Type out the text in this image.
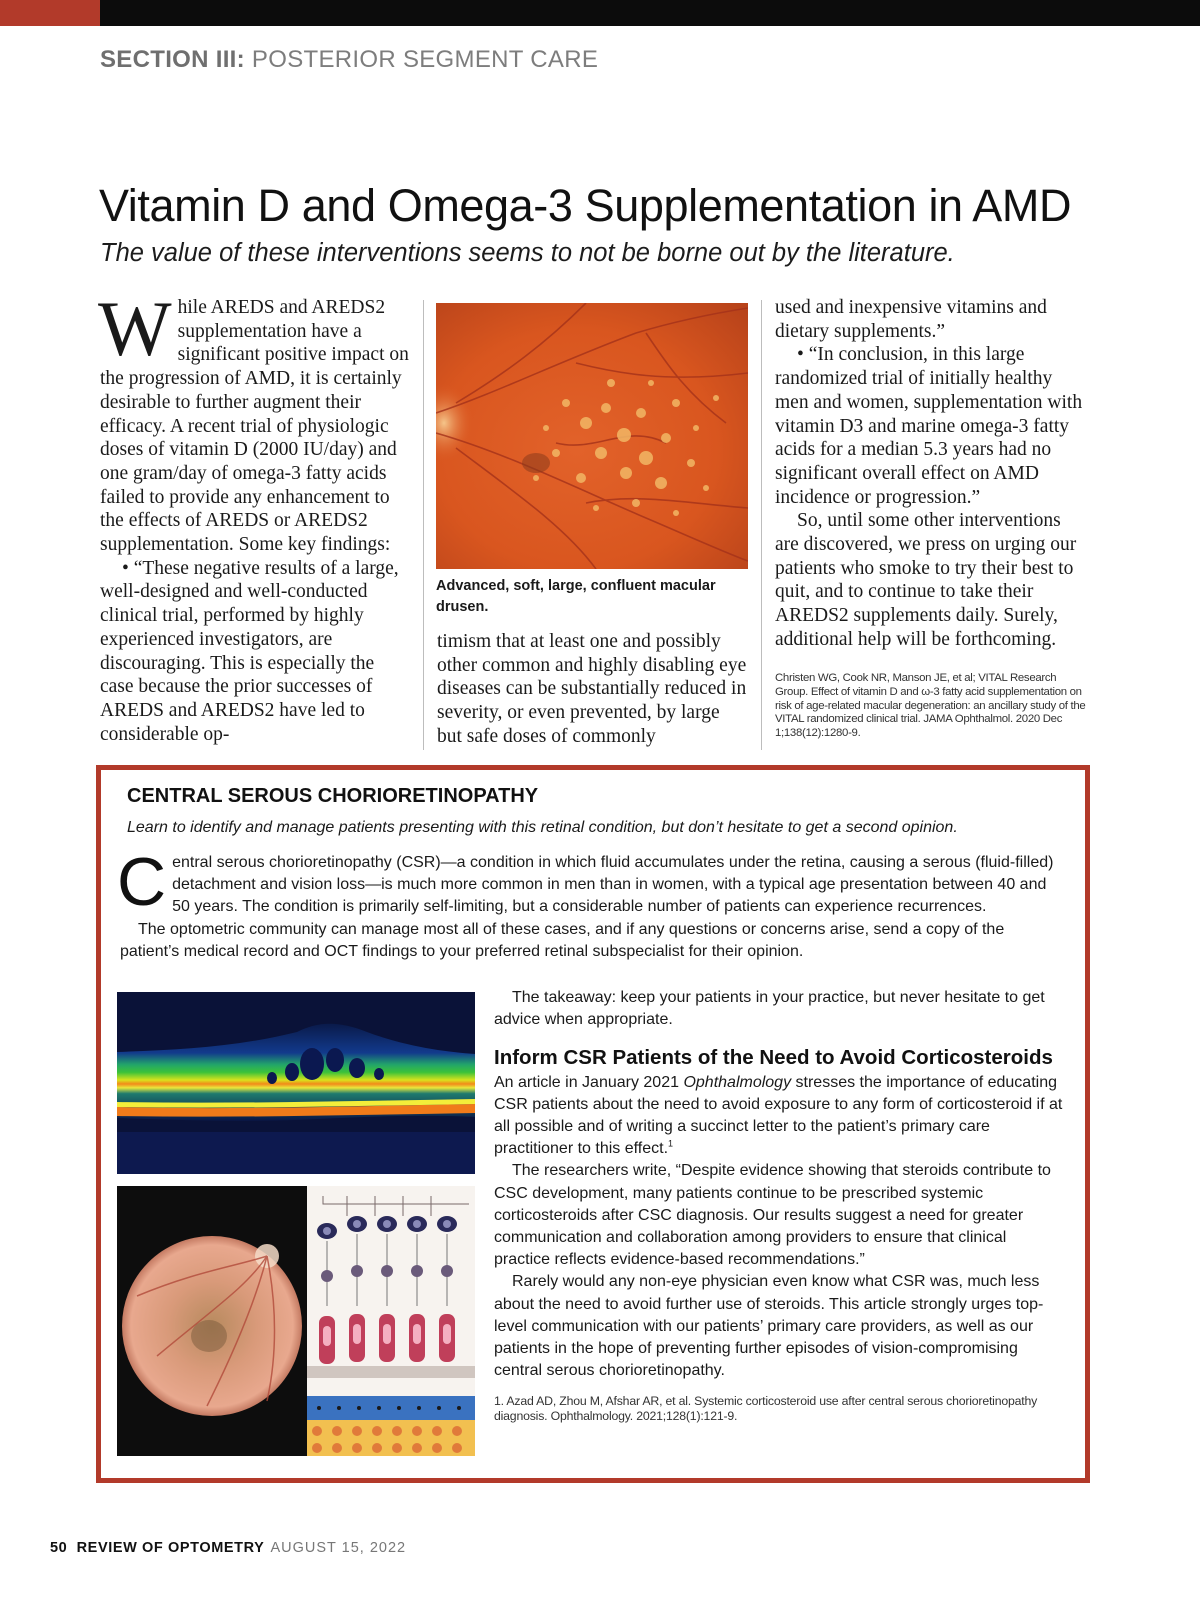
SECTION III: POSTERIOR SEGMENT CARE
Vitamin D and Omega-3 Supplementation in AMD
The value of these interventions seems to not be borne out by the literature.
W hile AREDS and AREDS2 supplementation have a significant positive impact on the progression of AMD, it is certainly desirable to further augment their efficacy. A recent trial of physiologic doses of vitamin D (2000 IU/day) and one gram/day of omega-3 fatty acids failed to provide any enhancement to the effects of AREDS or AREDS2 supplementation. Some key findings:

• “These negative results of a large, well-designed and well-conducted clinical trial, performed by highly experienced investigators, are discouraging. This is especially the case because the prior successes of AREDS and AREDS2 have led to considerable op-

Advanced, soft, large, confluent macular drusen.

timism that at least one and possibly other common and highly disabling eye diseases can be substantially reduced in severity, or even prevented, by large but safe doses of commonly

used and inexpensive vitamins and dietary supplements.”

• “In conclusion, in this large randomized trial of initially healthy men and women, supplementation with vitamin D3 and marine omega-3 fatty acids for a median 5.3 years had no significant overall effect on AMD incidence or progression.”

So, until some other interventions are discovered, we press on urging our patients who smoke to try their best to quit, and to continue to take their AREDS2 supplements daily. Surely, additional help will be forthcoming.

Christen WG, Cook NR, Manson JE, et al; VITAL Research Group. Effect of vitamin D and ω-3 fatty acid supplementation on risk of age-related macular degeneration: an ancillary study of the VITAL randomized clinical trial. JAMA Ophthalmol. 2020 Dec 1;138(12):1280-9.
CENTRAL SEROUS CHORIORETINOPATHY
Learn to identify and manage patients presenting with this retinal condition, but don’t hesitate to get a second opinion.
C entral serous chorioretinopathy (CSR)—a condition in which fluid accumulates under the retina, causing a serous (fluid-filled) detachment and vision loss—is much more common in men than in women, with a typical age presentation between 40 and 50 years. The condition is primarily self-limiting, but a considerable number of patients can experience recurrences.

The optometric community can manage most all of these cases, and if any questions or concerns arise, send a copy of the patient’s medical record and OCT findings to your preferred retinal subspecialist for their opinion.

The takeaway: keep your patients in your practice, but never hesitate to get advice when appropriate.

Inform CSR Patients of the Need to Avoid Corticosteroids

An article in January 2021 Ophthalmology stresses the importance of educating CSR patients about the need to avoid exposure to any form of corticosteroid if at all possible and of writing a succinct letter to the patient’s primary care practitioner to this effect.$^1$

The researchers write, “Despite evidence showing that steroids contribute to CSC development, many patients continue to be prescribed systemic corticosteroids after CSC diagnosis. Our results suggest a need for greater communication and collaboration among providers to ensure that clinical practice reflects evidence-based recommendations.”

Rarely would any non-eye physician even know what CSR was, much less about the need to avoid further use of steroids. This article strongly urges top-level communication with our patients’ primary care providers, as well as our patients in the hope of preventing further episodes of vision-compromising central serous chorioretinopathy.

1. Azad AD, Zhou M, Afshar AR, et al. Systemic corticosteroid use after central serous chorioretinopathy diagnosis. Ophthalmology. 2021;128(1):121-9.
50 REVIEW OF OPTOMETRY AUGUST 15, 2022
